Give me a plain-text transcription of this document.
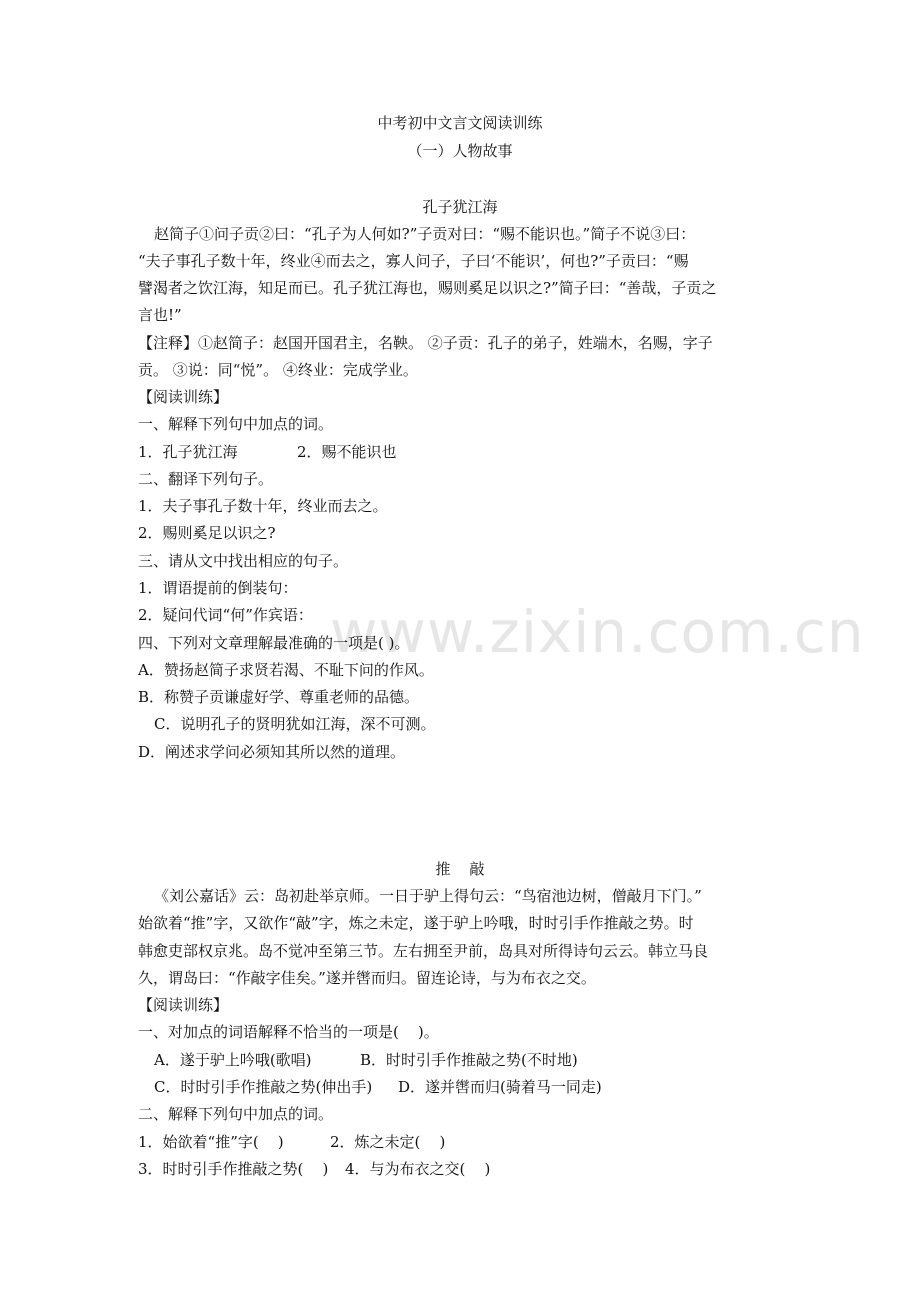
www.zixin.com.cn
中考初中文言文阅读训练
（一）人物故事
孔子犹江海
赵简子①问子贡②曰：“孔子为人何如?”子贡对曰：“赐不能识也。”简子不说③曰：
“夫子事孔子数十年，终业④而去之，寡人问子，子曰‘不能识’，何也?”子贡曰：“赐
譬渴者之饮江海，知足而已。孔子犹江海也，赐则奚足以识之?”简子曰：“善哉，子贡之
言也!”
【注释】①赵简子：赵国开国君主，名鞅。 ②子贡：孔子的弟子，姓端木，名赐，字子
贡。 ③说：同“悦”。 ④终业：完成学业。
【阅读训练】
一、解释下列句中加点的词。
1．孔子犹江海	2．赐不能识也
二、翻译下列句子。
1．夫子事孔子数十年，终业而去之。
2．赐则奚足以识之?
三、请从文中找出相应的句子。
1．谓语提前的倒装句：
2．疑问代词“何”作宾语：
四、下列对文章理解最准确的一项是( )。
A．赞扬赵简子求贤若渴、不耻下问的作风。
B．称赞子贡谦虚好学、尊重老师的品德。
C．说明孔子的贤明犹如江海，深不可测。
D．阐述求学问必须知其所以然的道理。
推    敲
《刘公嘉话》云：岛初赴举京师。一日于驴上得句云：“鸟宿池边树，僧敲月下门。”
始欲着“推”字，又欲作“敲”字，炼之未定，遂于驴上吟哦，时时引手作推敲之势。时
韩愈吏部权京兆。岛不觉冲至第三节。左右拥至尹前，岛具对所得诗句云云。韩立马良
久，谓岛曰：“作敲字佳矣。”遂并辔而归。留连论诗，与为布衣之交。
【阅读训练】
一、对加点的词语解释不恰当的一项是(    )。
A．遂于驴上吟哦(歌唱)	B．时时引手作推敲之势(不时地)
C．时时引手作推敲之势(伸出手)	D．遂并辔而归(骑着马一同走)
二、解释下列句中加点的词。
1．始欲着“推”字(    )	2．炼之未定(    )
3．时时引手作推敲之势(    )	4．与为布衣之交(    )
